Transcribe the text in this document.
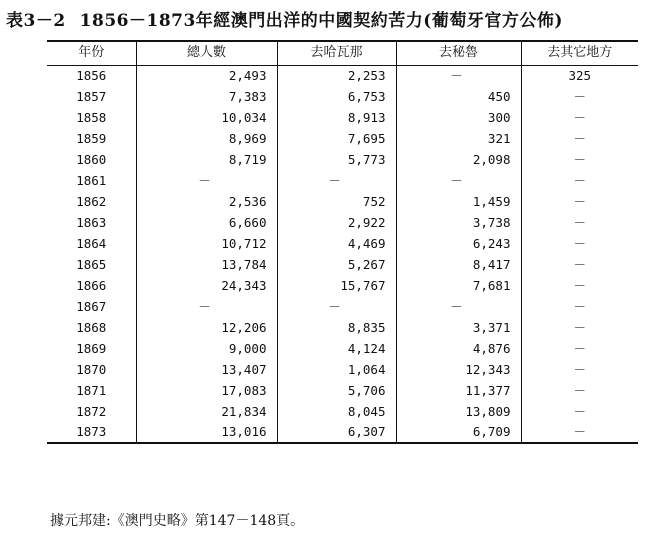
表3－2 1856－1873年經澳門出洋的中國契約苦力(葡萄牙官方公佈)
年份	總人數	去哈瓦那	去秘魯	去其它地方
1856	2,493	2,253	－	325
1857	7,383	6,753	450	－
1858	10,034	8,913	300	－
1859	8,969	7,695	321	－
1860	8,719	5,773	2,098	－
1861	－	－	－	－
1862	2,536	752	1,459	－
1863	6,660	2,922	3,738	－
1864	10,712	4,469	6,243	－
1865	13,784	5,267	8,417	－
1866	24,343	15,767	7,681	－
1867	－	－	－	－
1868	12,206	8,835	3,371	－
1869	9,000	4,124	4,876	－
1870	13,407	1,064	12,343	－
1871	17,083	5,706	11,377	－
1872	21,834	8,045	13,809	－
1873	13,016	6,307	6,709	－
據元邦建:《澳門史略》第147－148頁。
